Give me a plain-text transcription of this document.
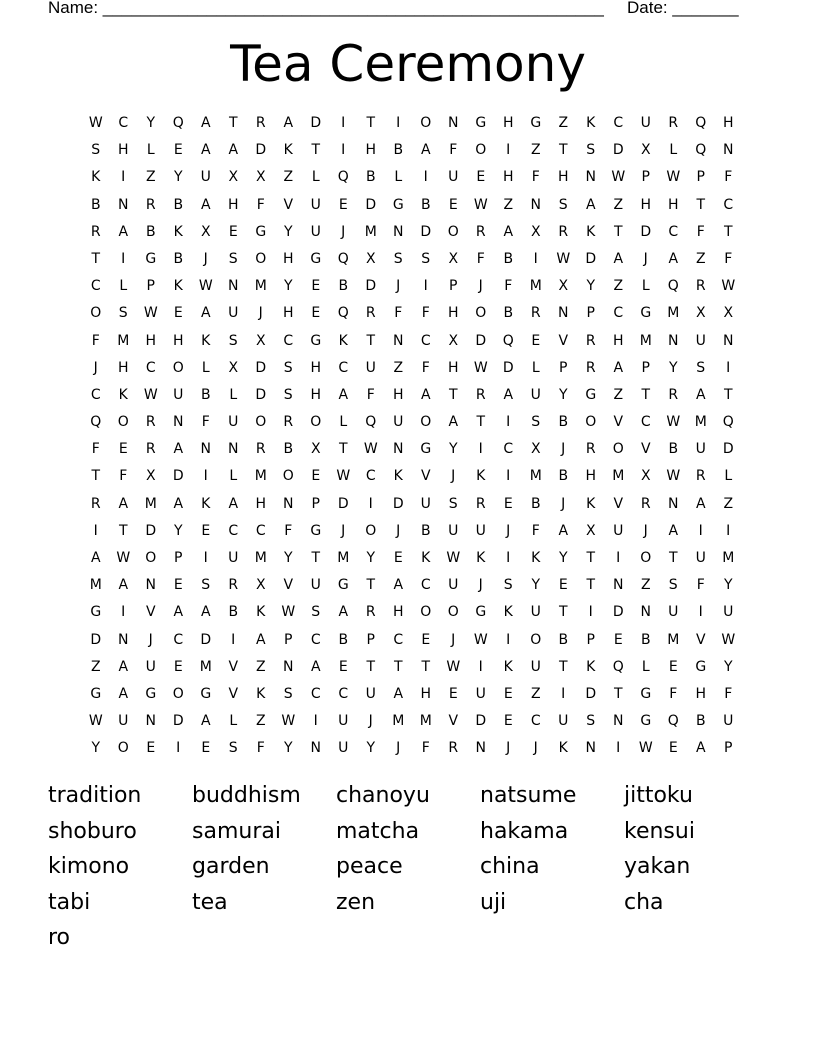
Name: _____________________________________________________ Date: _______
Tea Ceremony
W	C	Y	Q	A	T	R	A	D	I	T	I	O	N	G	H	G	Z	K	C	U	R	Q	H
S	H	L	E	A	A	D	K	T	I	H	B	A	F	O	I	Z	T	S	D	X	L	Q	N
K	I	Z	Y	U	X	X	Z	L	Q	B	L	I	U	E	H	F	H	N	W	P	W	P	F
B	N	R	B	A	H	F	V	U	E	D	G	B	E	W	Z	N	S	A	Z	H	H	T	C
R	A	B	K	X	E	G	Y	U	J	M	N	D	O	R	A	X	R	K	T	D	C	F	T
T	I	G	B	J	S	O	H	G	Q	X	S	S	X	F	B	I	W	D	A	J	A	Z	F
C	L	P	K	W	N	M	Y	E	B	D	J	I	P	J	F	M	X	Y	Z	L	Q	R	W
O	S	W	E	A	U	J	H	E	Q	R	F	F	H	O	B	R	N	P	C	G	M	X	X
F	M	H	H	K	S	X	C	G	K	T	N	C	X	D	Q	E	V	R	H	M	N	U	N
J	H	C	O	L	X	D	S	H	C	U	Z	F	H	W	D	L	P	R	A	P	Y	S	I
C	K	W	U	B	L	D	S	H	A	F	H	A	T	R	A	U	Y	G	Z	T	R	A	T
Q	O	R	N	F	U	O	R	O	L	Q	U	O	A	T	I	S	B	O	V	C	W	M	Q
F	E	R	A	N	N	R	B	X	T	W	N	G	Y	I	C	X	J	R	O	V	B	U	D
T	F	X	D	I	L	M	O	E	W	C	K	V	J	K	I	M	B	H	M	X	W	R	L
R	A	M	A	K	A	H	N	P	D	I	D	U	S	R	E	B	J	K	V	R	N	A	Z
I	T	D	Y	E	C	C	F	G	J	O	J	B	U	U	J	F	A	X	U	J	A	I	I
A	W	O	P	I	U	M	Y	T	M	Y	E	K	W	K	I	K	Y	T	I	O	T	U	M
M	A	N	E	S	R	X	V	U	G	T	A	C	U	J	S	Y	E	T	N	Z	S	F	Y
G	I	V	A	A	B	K	W	S	A	R	H	O	O	G	K	U	T	I	D	N	U	I	U
D	N	J	C	D	I	A	P	C	B	P	C	E	J	W	I	O	B	P	E	B	M	V	W
Z	A	U	E	M	V	Z	N	A	E	T	T	T	W	I	K	U	T	K	Q	L	E	G	Y
G	A	G	O	G	V	K	S	C	C	U	A	H	E	U	E	Z	I	D	T	G	F	H	F
W	U	N	D	A	L	Z	W	I	U	J	M	M	V	D	E	C	U	S	N	G	Q	B	U
Y	O	E	I	E	S	F	Y	N	U	Y	J	F	R	N	J	J	K	N	I	W	E	A	P
tradition	buddhism	chanoyu	natsume	jittoku
shoburo	samurai	matcha	hakama	kensui
kimono	garden	peace	china	yakan
tabi	tea	zen	uji	cha
ro
